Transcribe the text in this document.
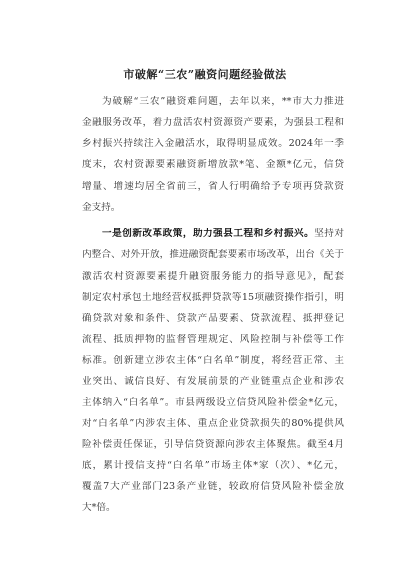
市破解“三农”融资问题经验做法
为破解“三农”融资难问题，去年以来，**市大力推进
金融服务改革，着力盘活农村资源资产要素，为强县工程和
乡村振兴持续注入金融活水，取得明显成效。2024年一季
度末，农村资源要素融资新增放款*笔、金额*亿元，信贷
增量、增速均居全省前三，省人行明确给予专项再贷款资
金支持。
一是创新改革政策，助力强县工程和乡村振兴。坚持对
内整合、对外开放，推进融资配套要素市场改革，出台《关于
激活农村资源要素提升融资服务能力的指导意见》，配套
制定农村承包土地经营权抵押贷款等15项融资操作指引，明
确贷款对象和条件、贷款产品要素、贷款流程、抵押登记
流程、抵质押物的监督管理规定、风险控制与补偿等工作
标准。创新建立涉农主体“白名单”制度，将经营正常、主
业突出、诚信良好、有发展前景的产业链重点企业和涉农
主体纳入“白名单”。市县两级设立信贷风险补偿金*亿元，
对“白名单”内涉农主体、重点企业贷款损失的80%提供风
险补偿责任保证，引导信贷资源向涉农主体聚焦。截至4月
底，累计授信支持“白名单”市场主体*家（次）、*亿元，
覆盖7大产业部门23条产业链，较政府信贷风险补偿金放
大*倍。
